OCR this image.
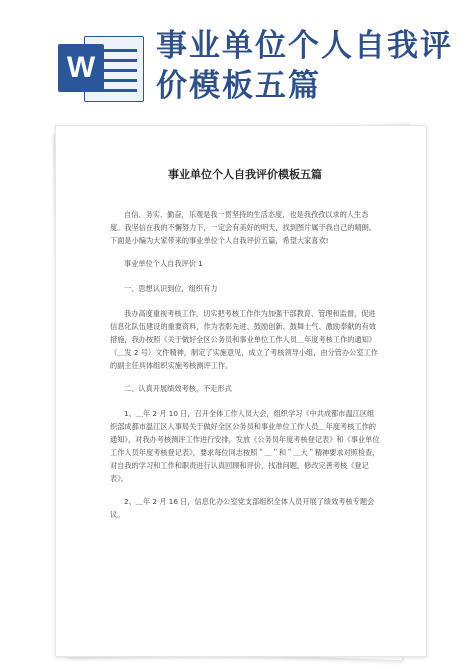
W
事业单位个人自我评价模板五篇
事业单位个人自我评价模板五篇

自信、务实、勤奋，乐观是我一贯坚持的生活态度，也是我孜孜以求的人生态度。我坚信在我的不懈努力下，一定会有美好的明天，找到图片属于我自己的晴朗。下面是小编为大家带来的事业单位个人自我评价五篇，希望大家喜欢!

事业单位个人自我评价 1

一、思想认识到位，组织有力

我办高度重视考核工作，切实把考核工作作为加强干部教育、管理和监督，促进信息化队伍建设的重要资料，作为表彰先进、鼓励创新、鼓舞士气、激励奉献的有效措施，我办按照《关于做好全区公务员和事业单位工作人员＿年度考核工作的通知》（＿发 2 号）文件精神，制定了实施意见，成立了考核领导小组，由分管办公室工作的副主任具体组织实施考核测评工作。

二、认真开展绩效考核，不走形式

1、＿年 2 月 10 日，召开全体工作人员大会，组织学习《中共成都市温江区组织部成都市温江区人事局关于做好全区公务员和事业单位工作人员＿年度考核工作的通知》，对我办考核测评工作进行安排，发放《公务员年度考核登记表》和《事业单位工作人员年度考核登记表》，要求每位同志按照＂＿＂和＂＿大＂精神要求对照检查，对自我的学习和工作和职责进行认真回顾和评价，找准问题，修改完善考核《登记表》。

2、＿年 2 月 16 日，信息化办公室党支部组织全体人员开展了绩效考核专题会议。
